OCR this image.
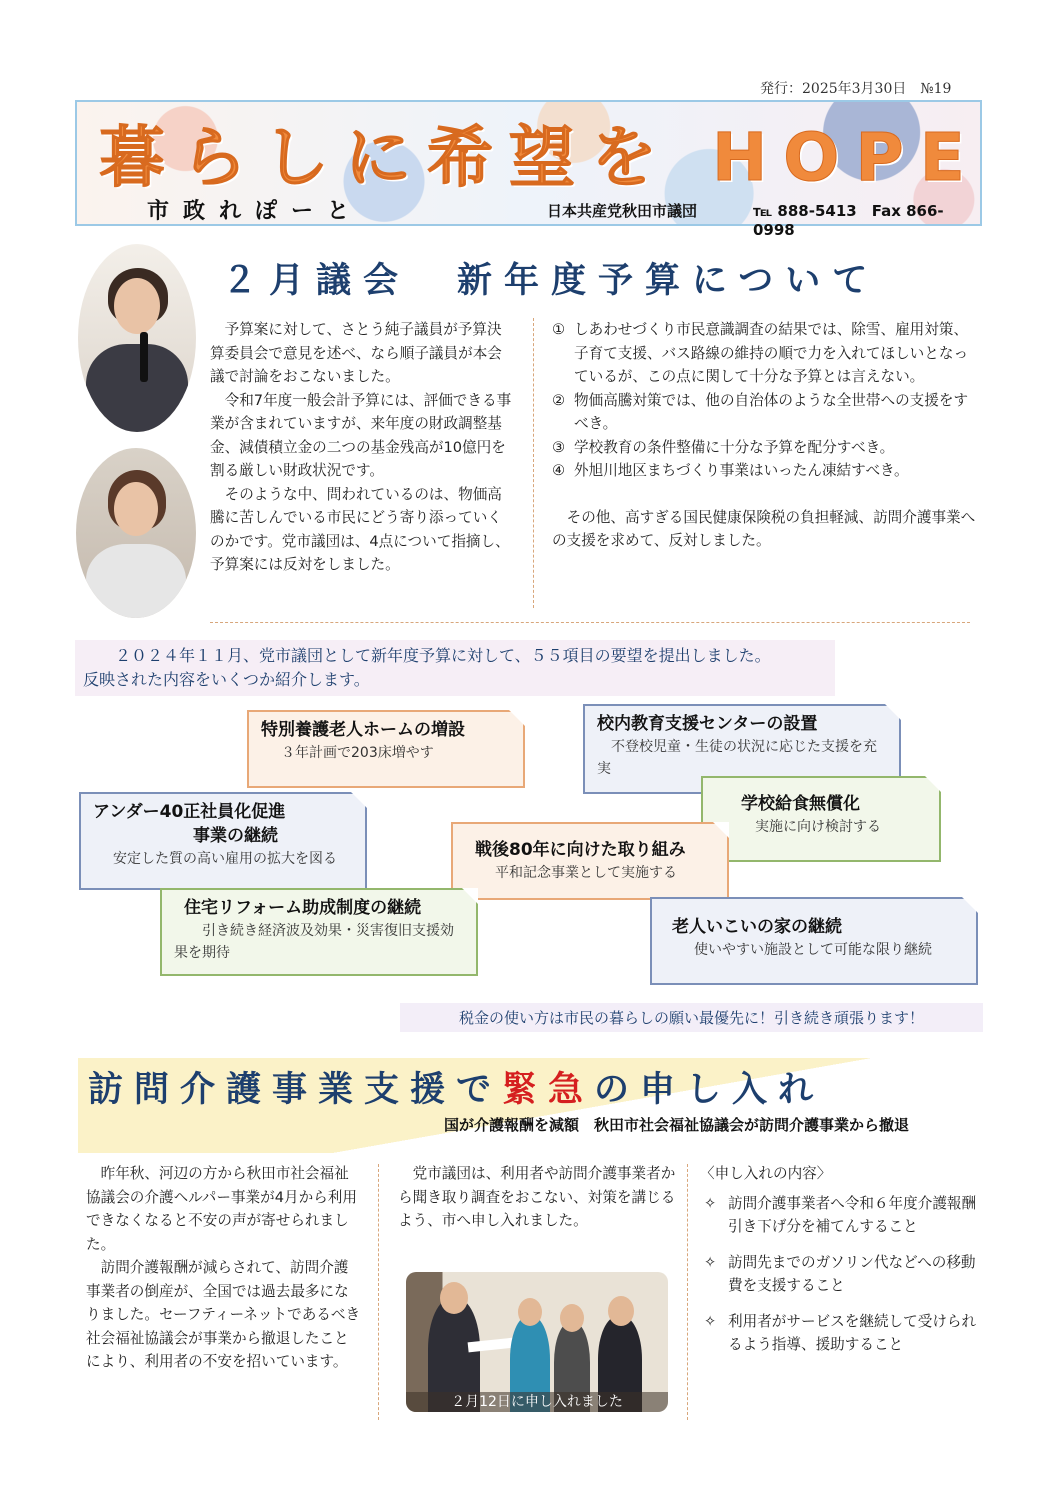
発行：2025年3月30日　№19
暮らしに希望を HOPE
市政れぽーと	日本共産党秋田市議団	℡ 888-5413　Fax 866-0998
２月議会　新年度予算について

予算案に対して、さとう純子議員が予算決算委員会で意見を述べ、なら順子議員が本会議で討論をおこないました。

令和7年度一般会計予算には、評価できる事業が含まれていますが、来年度の財政調整基金、減債積立金の二つの基金残高が10億円を割る厳しい財政状況です。

そのような中、問われているのは、物価高騰に苦しんでいる市民にどう寄り添っていくのかです。党市議団は、4点について指摘し、予算案には反対をしました。

① しあわせづくり市民意識調査の結果では、除雪、雇用対策、子育て支援、バス路線の維持の順で力を入れてほしいとなっているが、この点に関して十分な予算とは言えない。
② 物価高騰対策では、他の自治体のような全世帯への支援をすべき。
③ 学校教育の条件整備に十分な予算を配分すべき。
④ 外旭川地区まちづくり事業はいったん凍結すべき。

その他、高すぎる国民健康保険税の負担軽減、訪問介護事業への支援を求めて、反対しました。

２０２４年１１月、党市議団として新年度予算に対して、５５項目の要望を提出しました。
反映された内容をいくつか紹介します。
特別養護老人ホームの増設
３年計画で203床増やす
校内教育支援センターの設置
不登校児童・生徒の状況に応じた支援を充実
学校給食無償化
実施に向け検討する
アンダー40正社員化促進
事業の継続
安定した質の高い雇用の拡大を図る	戦後80年に向けた取り組み
平和記念事業として実施する
住宅リフォーム助成制度の継続
引き続き経済波及効果・災害復旧支援効果を期待
老人いこいの家の継続
使いやすい施設として可能な限り継続
税金の使い方は市民の暮らしの願い最優先に！引き続き頑張ります！
訪問介護事業支援で緊急の申し入れ
国が介護報酬を減額　秋田市社会福祉協議会が訪問介護事業から撤退

昨年秋、河辺の方から秋田市社会福祉協議会の介護ヘルパー事業が4月から利用できなくなると不安の声が寄せられました。

訪問介護報酬が減らされて、訪問介護事業者の倒産が、全国では過去最多になりました。セーフティーネットであるべき社会福祉協議会が事業から撤退したことにより、利用者の不安を招いています。

党市議団は、利用者や訪問介護事業者から聞き取り調査をおこない、対策を講じるよう、市へ申し入れました。

２月12日に申し入れました
〈申し入れの内容〉
✧ 訪問介護事業者へ令和６年度介護報酬引き下げ分を補てんすること
✧ 訪問先までのガソリン代などへの移動費を支援すること
✧ 利用者がサービスを継続して受けられるよう指導、援助すること
